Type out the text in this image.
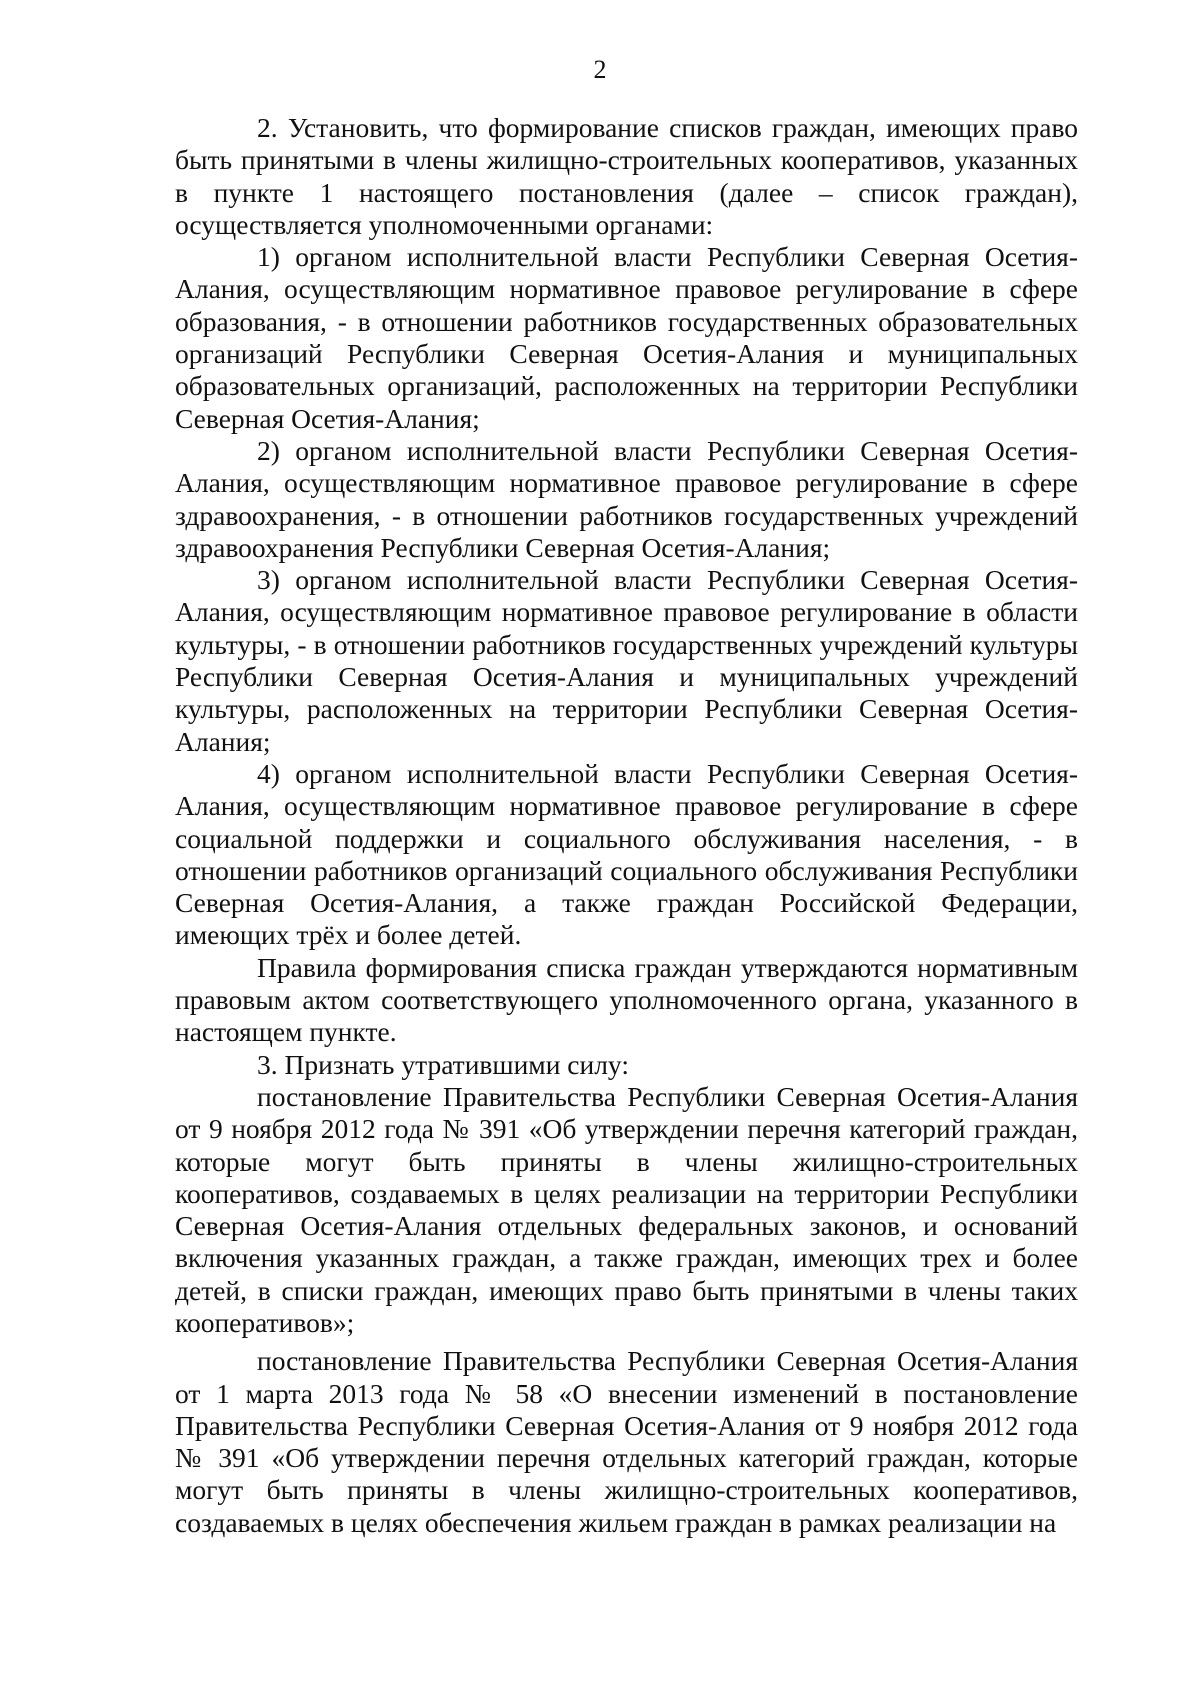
2

2. Установить, что формирование списков граждан, имеющих право быть принятыми в члены жилищно-строительных кооперативов, указанных в пункте 1 настоящего постановления (далее – список граждан), осуществляется уполномоченными органами:

1) органом исполнительной власти Республики Северная Осетия-Алания, осуществляющим нормативное правовое регулирование в сфере образования, - в отношении работников государственных образовательных организаций Республики Северная Осетия-Алания и муниципальных образовательных организаций, расположенных на территории Республики Северная Осетия-Алания;

2) органом исполнительной власти Республики Северная Осетия-Алания, осуществляющим нормативное правовое регулирование в сфере здравоохранения, - в отношении работников государственных учреждений здравоохранения Республики Северная Осетия-Алания;

3) органом исполнительной власти Республики Северная Осетия-Алания, осуществляющим нормативное правовое регулирование в области культуры, - в отношении работников государственных учреждений культуры Республики Северная Осетия-Алания и муниципальных учреждений культуры, расположенных на территории Республики Северная Осетия-Алания;

4) органом исполнительной власти Республики Северная Осетия-Алания, осуществляющим нормативное правовое регулирование в сфере социальной поддержки и социального обслуживания населения, - в отношении работников организаций социального обслуживания Республики Северная Осетия-Алания, а также граждан Российской Федерации, имеющих трёх и более детей.

Правила формирования списка граждан утверждаются нормативным правовым актом соответствующего уполномоченного органа, указанного в настоящем пункте.

3. Признать утратившими силу:

постановление Правительства Республики Северная Осетия-Алания от 9 ноября 2012 года № 391 «Об утверждении перечня категорий граждан, которые могут быть приняты в члены жилищно-строительных кооперативов, создаваемых в целях реализации на территории Республики Северная Осетия-Алания отдельных федеральных законов, и оснований включения указанных граждан, а также граждан, имеющих трех и более детей, в списки граждан, имеющих право быть принятыми в члены таких кооперативов»;

постановление Правительства Республики Северная Осетия-Алания от 1 марта 2013 года № 58 «О внесении изменений в постановление Правительства Республики Северная Осетия-Алания от 9 ноября 2012 года № 391 «Об утверждении перечня отдельных категорий граждан, которые могут быть приняты в члены жилищно-строительных кооперативов, создаваемых в целях обеспечения жильем граждан в рамках реализации на
